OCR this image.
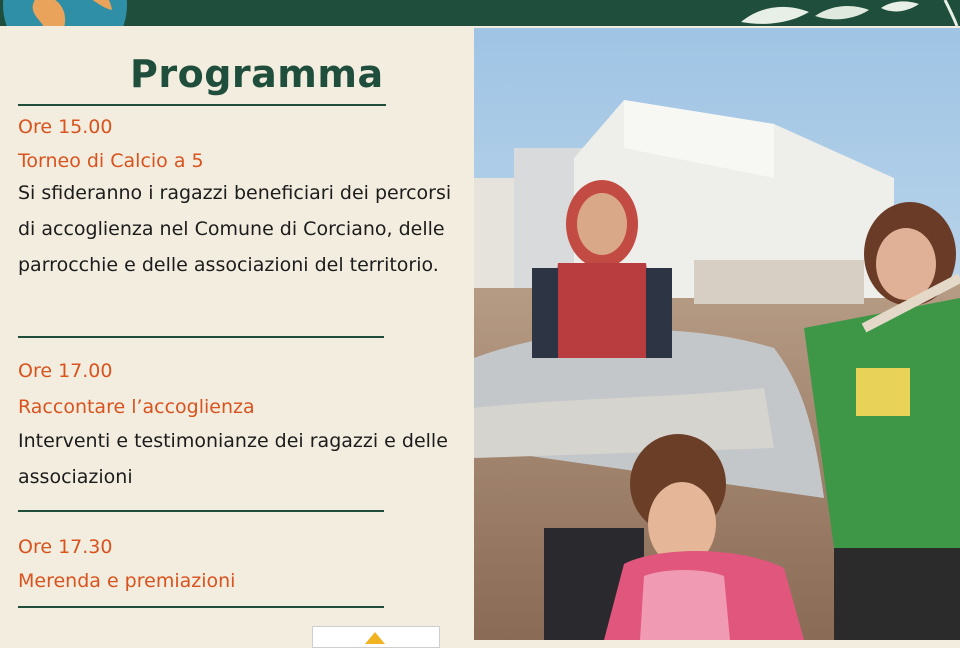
Programma

Ore 15.00

Torneo di Calcio a 5

Si sfideranno i ragazzi beneficiari dei percorsi di accoglienza nel Comune di Corciano, delle parrocchie e delle associazioni del territorio.

Ore 17.00

Raccontare l’accoglienza

Interventi e testimonianze dei ragazzi e delle associazioni

Ore 17.30

Merenda e premiazioni
